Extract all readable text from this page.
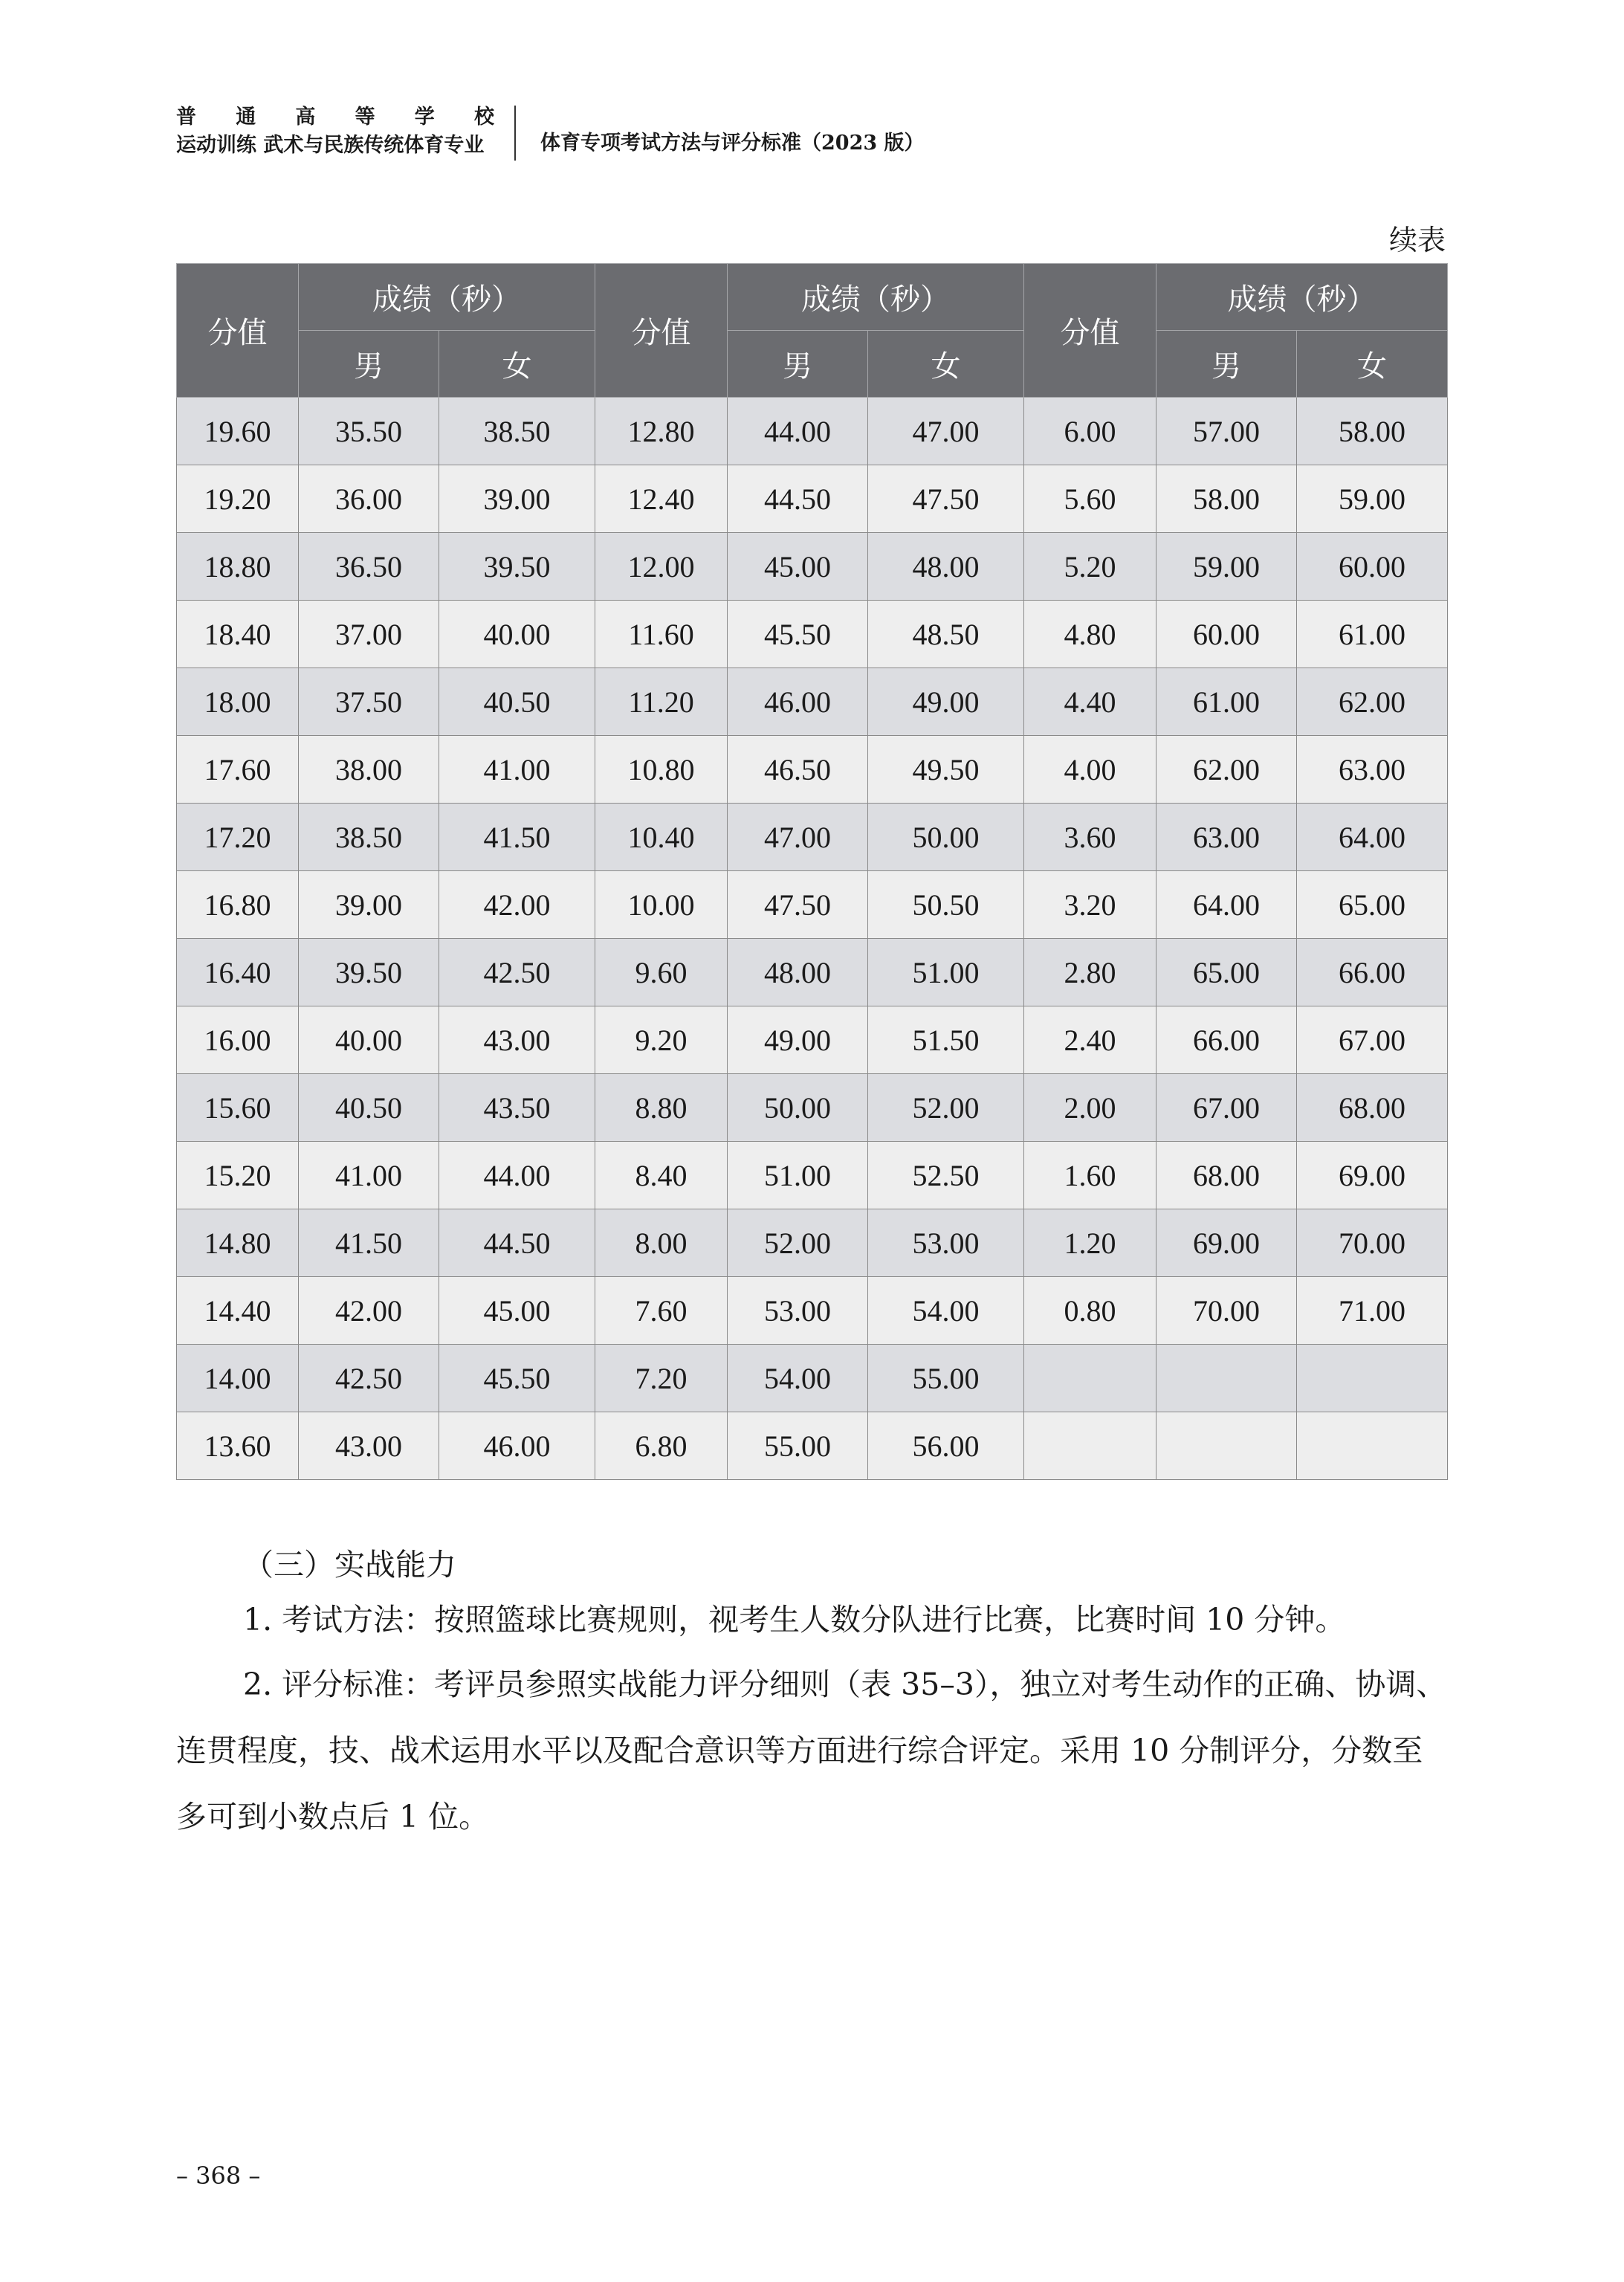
普 通 高 等 学 校
运动训练 武术与民族传统体育专业	体育专项考试方法与评分标准（2023 版）
续表
分值	成绩（秒）		分值	成绩（秒）		分值	成绩（秒）	
	男	女		男	女		男	女
19.60	35.50	38.50	12.80	44.00	47.00	6.00	57.00	58.00
19.20	36.00	39.00	12.40	44.50	47.50	5.60	58.00	59.00
18.80	36.50	39.50	12.00	45.00	48.00	5.20	59.00	60.00
18.40	37.00	40.00	11.60	45.50	48.50	4.80	60.00	61.00
18.00	37.50	40.50	11.20	46.00	49.00	4.40	61.00	62.00
17.60	38.00	41.00	10.80	46.50	49.50	4.00	62.00	63.00
17.20	38.50	41.50	10.40	47.00	50.00	3.60	63.00	64.00
16.80	39.00	42.00	10.00	47.50	50.50	3.20	64.00	65.00
16.40	39.50	42.50	9.60	48.00	51.00	2.80	65.00	66.00
16.00	40.00	43.00	9.20	49.00	51.50	2.40	66.00	67.00
15.60	40.50	43.50	8.80	50.00	52.00	2.00	67.00	68.00
15.20	41.00	44.00	8.40	51.00	52.50	1.60	68.00	69.00
14.80	41.50	44.50	8.00	52.00	53.00	1.20	69.00	70.00
14.40	42.00	45.00	7.60	53.00	54.00	0.80	70.00	71.00
14.00	42.50	45.50	7.20	54.00	55.00			
13.60	43.00	46.00	6.80	55.00	56.00			
（三）实战能力
1. 考试方法：按照篮球比赛规则，视考生人数分队进行比赛，比赛时间 10 分钟。
2. 评分标准：考评员参照实战能力评分细则（表 35–3），独立对考生动作的正确、协调、连贯程度，技、战术运用水平以及配合意识等方面进行综合评定。采用 10 分制评分，分数至多可到小数点后 1 位。
– 368 –
